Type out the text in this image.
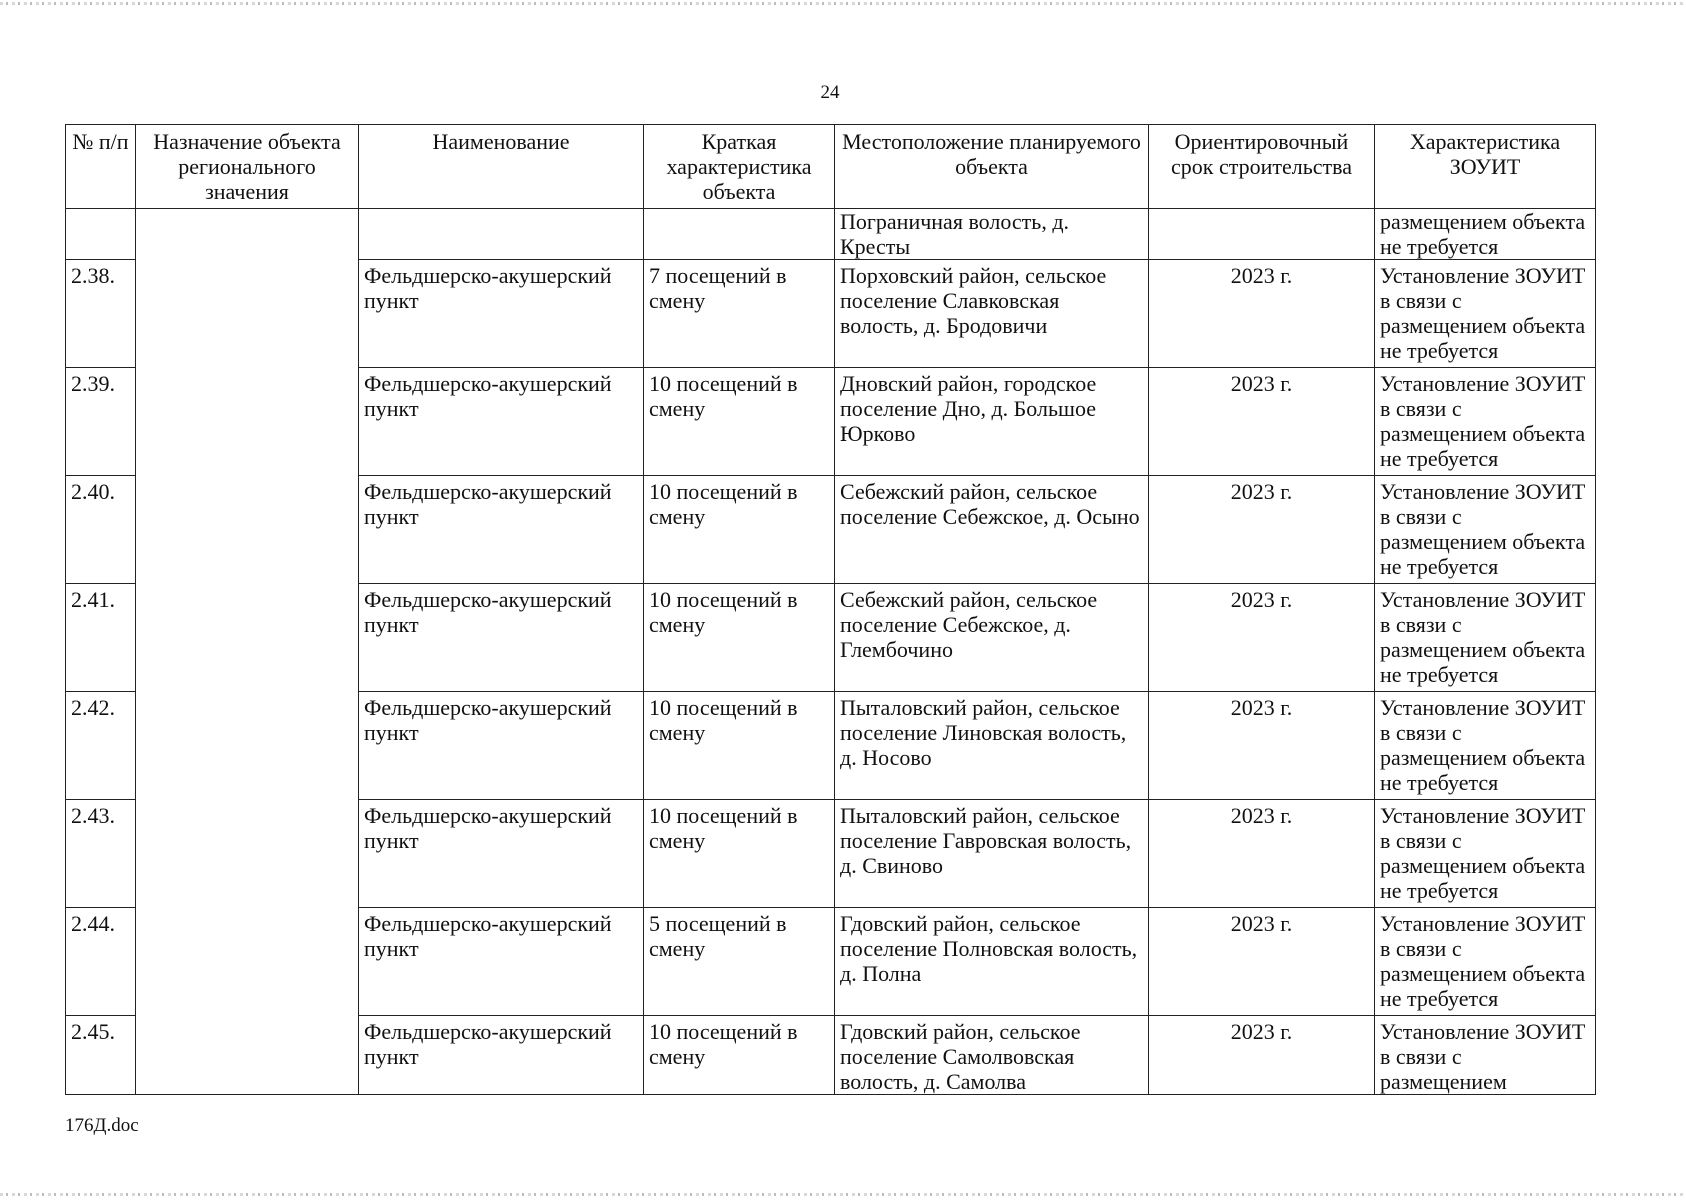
24
№ п/п	Назначение объекта регионального значения	Наименование	Краткая характеристика объекта	Местоположение планируемого объекта	Ориентировочный срок строительства	Характеристика ЗОУИТ
				Пограничная волость, д. Кресты		размещением объекта не требуется
2.38.		Фельдшерско-акушерский пункт	7 посещений в смену	Порховский район, сельское поселение Славковская волость, д. Бродовичи	2023 г.	Установление ЗОУИТ в связи с размещением объекта не требуется
2.39.		Фельдшерско-акушерский пункт	10 посещений в смену	Дновский район, городское поселение Дно, д. Большое Юрково	2023 г.	Установление ЗОУИТ в связи с размещением объекта не требуется
2.40.		Фельдшерско-акушерский пункт	10 посещений в смену	Себежский район, сельское поселение Себежское, д. Осыно	2023 г.	Установление ЗОУИТ в связи с размещением объекта не требуется
2.41.		Фельдшерско-акушерский пункт	10 посещений в смену	Себежский район, сельское поселение Себежское, д. Глембочино	2023 г.	Установление ЗОУИТ в связи с размещением объекта не требуется
2.42.		Фельдшерско-акушерский пункт	10 посещений в смену	Пыталовский район, сельское поселение Линовская волость, д. Носово	2023 г.	Установление ЗОУИТ в связи с размещением объекта не требуется
2.43.		Фельдшерско-акушерский пункт	10 посещений в смену	Пыталовский район, сельское поселение Гавровская волость, д. Свиново	2023 г.	Установление ЗОУИТ в связи с размещением объекта не требуется
2.44.		Фельдшерско-акушерский пункт	5 посещений в смену	Гдовский район, сельское поселение Полновская волость, д. Полна	2023 г.	Установление ЗОУИТ в связи с размещением объекта не требуется
2.45.		Фельдшерско-акушерский пункт	10 посещений в смену	Гдовский район, сельское поселение Самолвовская волость, д. Самолва	2023 г.	Установление ЗОУИТ в связи с размещением
176Д.doc
